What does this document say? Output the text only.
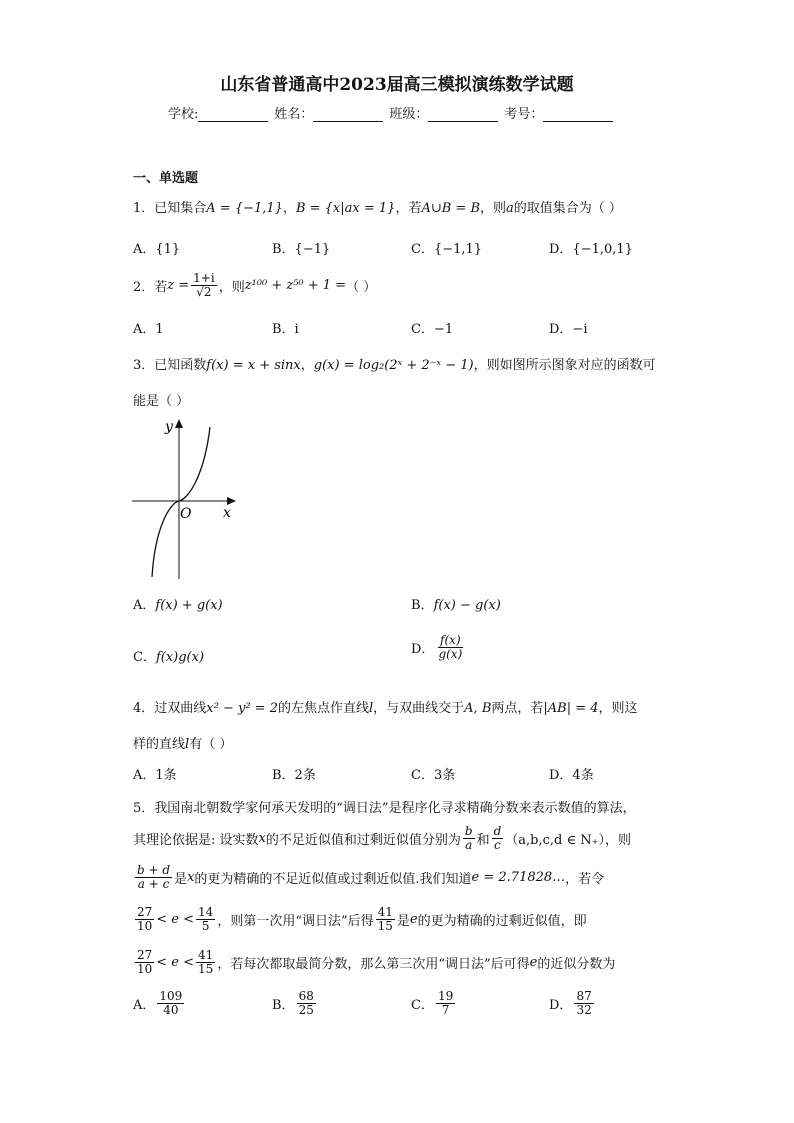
山东省普通高中2023届高三模拟演练数学试题
学校:	姓名：	班级：	考号：
一、单选题
1．已知集合A = {−1,1}，B = {x|ax = 1}，若A∪B = B，则a的取值集合为（ ）
A．{1}	B．{−1}	C．{−1,1}	D．{−1,0,1}
2．若 $z = \frac{1+i}{√2}$ ，则 z¹⁰⁰ + z⁵⁰ + 1 = （ ）
A．1	B．i	C．−1	D．−i
3．已知函数f(x) = x + sinx，g(x) = log₂(2ˣ + 2⁻ˣ − 1)，则如图所示图象对应的函数可
能是（ ）
y
x
O
A．f(x) + g(x)	B．f(x) − g(x)
C．f(x)g(x)
D． $\frac{f(x)}{g(x)}$
4．过双曲线x² − y² = 2的左焦点作直线l，与双曲线交于A, B两点，若|AB| = 4，则这
样的直线l有（ ）
A．1条	B．2条	C．3条	D．4条
5．我国南北朝数学家何承天发明的“调日法”是程序化寻求精确分数来表示数值的算法，
其理论依据是: 设实数 x 的不足近似值和过剩近似值分别为 $\frac{b}{a}$ 和 $\frac{d}{c} (a,b,c,d$ ∈ N₊），则
$\frac{b + d}{a + c}$ 是 x 的更为精确的不足近似值或过剩近似值.我们知道 e = 2.71828… ，若令
$\frac{27}{10} < e < \frac{14}{5}$ ，则第一次用“调日法”后得 $\frac{41}{15}$ 是 e 的更为精确的过剩近似值，即
$\frac{27}{10} < e < \frac{41}{15}$ ，若每次都取最简分数，那么第三次用“调日法”后可得 e 的近似分数为
A． $\frac{109}{40}$	B． $\frac{68}{25}$	C． $\frac{19}{7}$	D． $\frac{87}{32}$
